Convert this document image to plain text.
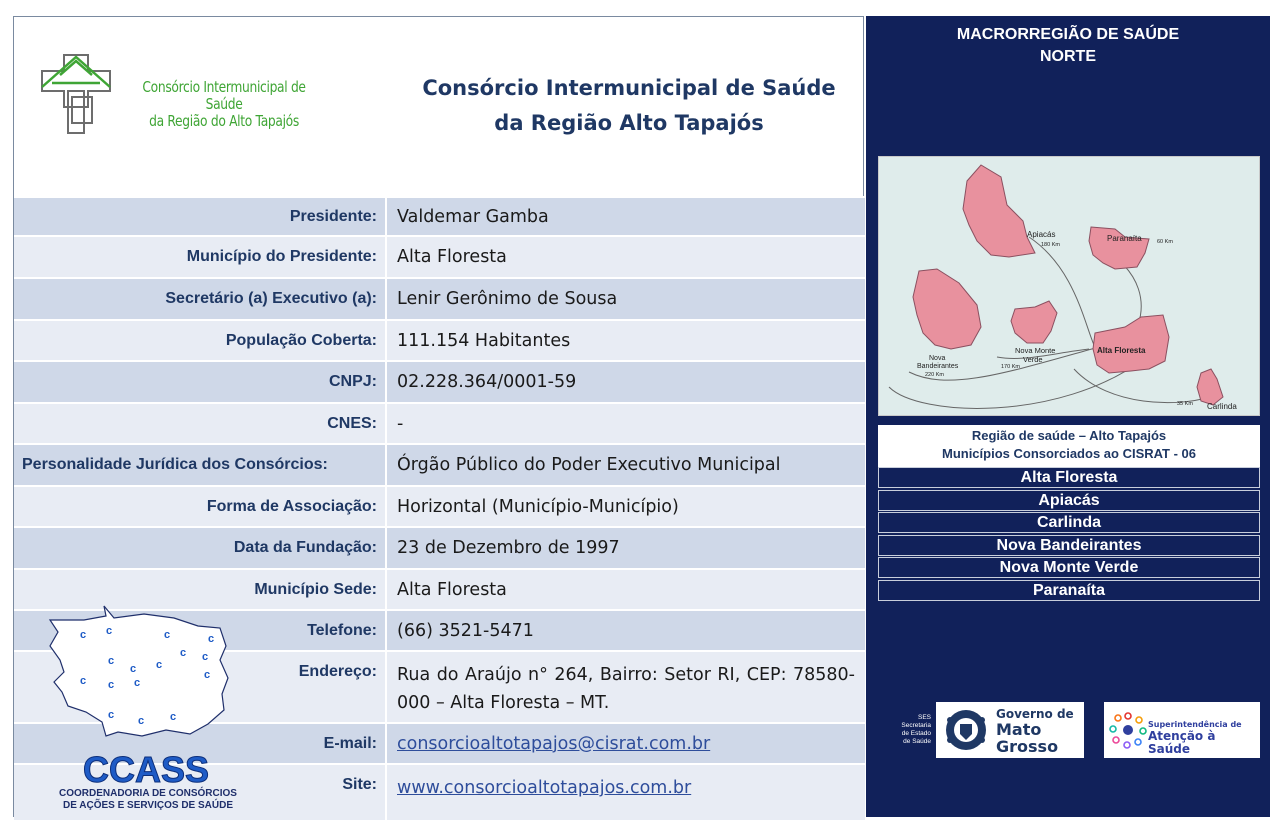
Consórcio Intermunicipal de Saúde
da Região do Alto Tapajós
Consórcio Intermunicipal de Saúde
da Região Alto Tapajós
Presidente: Valdemar Gamba
Município do Presidente: Alta Floresta
Secretário (a) Executivo (a): Lenir Gerônimo de Sousa
População Coberta: 111.154 Habitantes
CNPJ: 02.228.364/0001-59
CNES: -
Personalidade Jurídica dos Consórcios:	Órgão Público do Poder Executivo Municipal
Forma de Associação: Horizontal (Município-Município)
Data da Fundação: 23 de Dezembro de 1997
Município Sede: Alta Floresta
Telefone: (66) 3521-5471
Endereço: Rua do Araújo n° 264, Bairro: Setor RI, CEP: 78580-000 – Alta Floresta – MT.
E-mail: consorcioaltotapajos@cisrat.com.br
Site: www.consorcioaltotapajos.com.br
c c	c	c
c
c c
c c
c
c c c
c c c
CCASS
COORDENADORIA DE CONSÓRCIOS
DE AÇÕES E SERVIÇOS DE SAÚDE
MACRORREGIÃO DE SAÚDE
NORTE
Apiacás
180 Km
Paranaíta	60 Km
Nova Monte
Verde
170 Km
Nova
Bandeirantes
220 Km
Alta Floresta
Carlinda
35 Km
Região de saúde – Alto Tapajós
Municípios Consorciados ao CISRAT - 06
Alta Floresta
Apiacás
Carlinda
Nova Bandeirantes
Nova Monte Verde
Paranaíta
SES
Secretaria
de Estado
de Saúde
Governo de
Mato
Grosso
Superintendência de
Atenção à Saúde
